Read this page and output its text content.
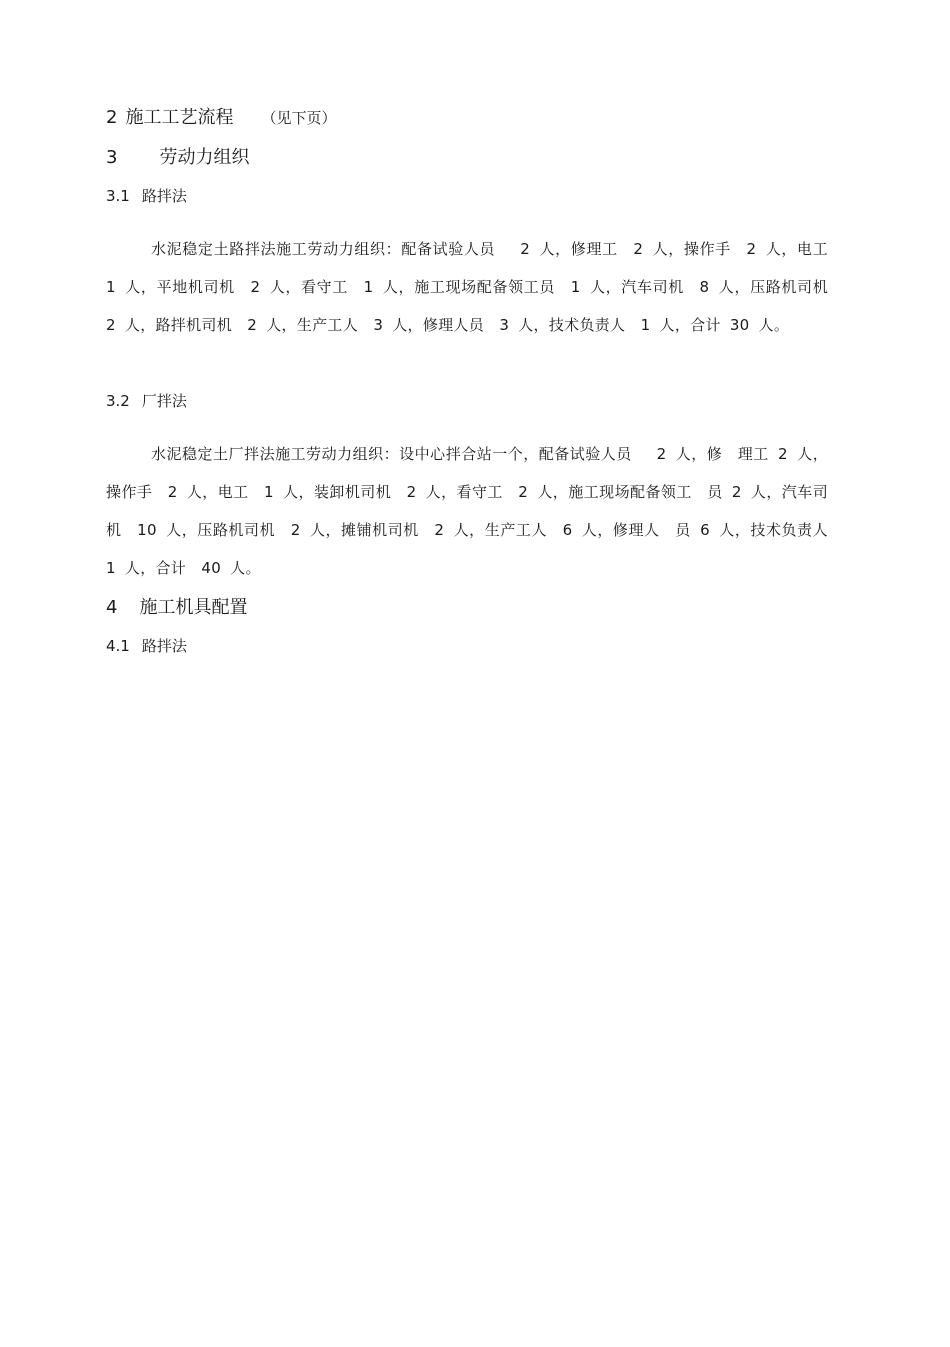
2 施工工艺流程 （见下页）
3 劳动力组织
3.1 路拌法
水泥稳定土路拌法施工劳动力组织：配备试验人员　 2 人，修理工　2 人，操作手　2 人，电工　1 人，平地机司机　2 人，看守工　1 人，施工现场配备领工员　1 人，汽车司机　8 人，压路机司机　2 人，路拌机司机　2 人，生产工人　3 人，修理人员　3 人，技术负责人　1 人，合计 30 人。
3.2 厂拌法
水泥稳定土厂拌法施工劳动力组织：设中心拌合站一个，配备试验人员　 2 人，修　理工 2 人，操作手　2 人，电工　1 人，装卸机司机　2 人，看守工　2 人，施工现场配备领工　员 2 人，汽车司机　10 人，压路机司机　2 人，摊铺机司机　2 人，生产工人　6 人，修理人　员 6 人，技术负责人　1 人，合计　40 人。
4 施工机具配置
4.1 路拌法
